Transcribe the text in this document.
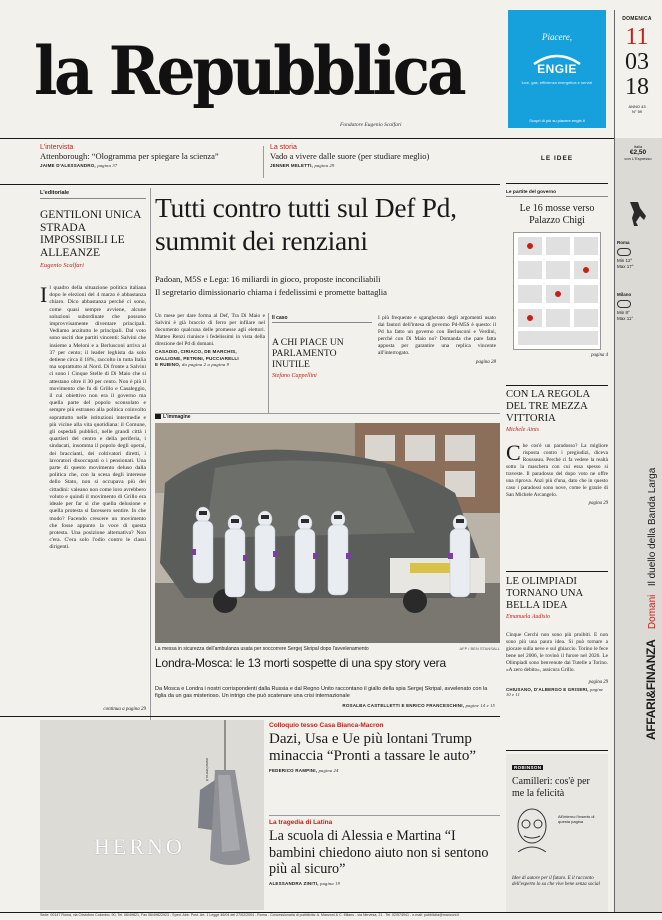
la Repubblica
Fondatore Eugenio Scalfari
Piacere,
ENGIE
luce, gas, efficienza energetica e servizi
Scopri di più su piacere.engie.it
DOMENICA
11
03
18
ANNO 43
N° 59
L'intervista
Attenborough: “Ologramma per spiegare la scienza”
JAIME D'ALESSANDRO, pagina 37
La storia
Vado a vivere dalle suore (per studiare meglio)
JENNER MELETTI, pagina 29
LE IDEE
L'editoriale
GENTILONI UNICA STRADA IMPOSSIBILI LE ALLEANZE
Eugenio Scalfari
I l quadro della situazione politica italiana dopo le elezioni del 4 marzo è abbastanza chiaro. Dico abbastanza perché ci sono, come quasi sempre avviene, alcune soluzioni subordinate che possono improvvisamente diventare principali. Vediamo anzitutto le principali. Dal voto sono usciti due partiti vincenti: Salvini che insieme a Meloni e a Berlusconi arriva al 37 per cento; il leader leghista da solo detiene circa il 18%, raccolto in tutta Italia ma soprattutto al Nord. Di fronte a Salvini ci sono i Cinque Stelle di Di Maio che si attestano oltre il 30 per cento. Non è più il movimento che fu di Grillo e Casaleggio, il cui obiettivo non era il governo ma quella parte del popolo sconsolato e sempre più estraneo alla politica coinvolto soprattutto nelle istituzioni intermedie e più vicine alla vita quotidiana: il Comune, gli ospedali pubblici, nelle grandi città i quartieri del centro e della periferia, i sindacati, insomma il popolo degli operai, dei braccianti, dei coltivatori diretti, i lavoratori disoccupati o i pensionati. Una parte di questo movimento deluso dalla politica che, con la scesa degli interesse dello Stato, non si occupava più dei cittadini: valeano non come loro avrebbero voluto e quindi il movimento di Grillo era ideale per far sì che quella delusione e quella protesta si facessero sentire. In che modo? Facendo crescere un movimento che fosse appunto la voce di questa protesta. Una posizione alternativa? Non c'era. C'era solo l'odio contro le classi dirigenti.
continua a pagina 29
Tutti contro tutti sul Def Pd, summit dei renziani
Padoan, M5S e Lega: 16 miliardi in gioco, proposte inconciliabili
Il segretario dimissionario chiama i fedelissimi e promette battaglia
Un mese per dare forma al Def, Tra Di Maio e Salvini è già braccio di ferro per infilare nel documento qualcuna delle promesse agli elettori. Matteo Renzi riunisce i fedelissimi in vista della direzione del Pd di domani.
CASADIO, CIRIACO, DE MARCHIS, GALLIONE, PETRINI, PUCCIARELLI
E RUBINO, da pagina 2 a pagina 9
Il caso
A CHI PIACE UN PARLAMENTO INUTILE
Stefano Cappellini
I più frequente e sgangherato degli argomenti usato dai fautori dell'intesa di governo Pd-M5S è questo: il Pd ha fatto un governo con Berlusconi e Verdini, perché con Di Maio no? Domanda che pare fatta apposta per garantire una replica vincente all'interrogato.
pagina 28
L'immagine
La messa in sicurezza dell'ambulanza usata per soccorrere Sergej Skripal dopo l'avvelenamento	AFP / BEN STANSALL
Londra-Mosca: le 13 morti sospette di una spy story vera
Da Mosca e Londra i nostri corrispondenti dalla Russia e dal Regno Unito raccontano il giallo della spia Sergej Skripal, avvelenato con la figlia da un gas misterioso. Un intrigo che può scatenare una crisi internazionale
ROSALBA CASTELLETTI E ENRICO FRANCESCHINI, pagine 14 e 15
HERNO
www.herno.it
Colloquio tesso Casa Bianca-Macron
Dazi, Usa e Ue più lontani Trump minaccia “Pronti a tassare le auto”
FEDERICO RAMPINI, pagina 24
La tragedia di Latina
La scuola di Alessia e Martina “I bambini chiedono aiuto non si sentono più al sicuro”
ALESSANDRA ZINITI, pagina 19
Le partite del governo
Le 16 mosse verso Palazzo Chigi
pagina 4
CON LA REGOLA DEL TRE MEZZA VITTORIA
Michele Ainis
C he cos'è un paradosso? La migliore risposta contro i pregiudizi, diceva Rousseau. Perché ci fa vedere la realtà sotto la maschera con cui essa spesso si traveste. Il paradosso del dopo voto ne offre una riprova. Anzi più d'una, dato che in questo caso i paradossi sono nove, come le grazie di San Michele Arcangelo.
pagina 29
LE OLIMPIADI TORNANO UNA BELLA IDEA
Emanuela Audisio
Cinque Cerchi non sono più proibiti. E non sono più una paura idea. Si può tornare a giocare sulla neve e sul ghiaccio. Torino le fece bene nel 2006, le rovinò il furore nel 2026. Le Olimpiadi sono benvenute dai Tutelle a Torino. «A zero debito», assicura Grillo.
pagina 29
CHIUSANO, D'ALBERGO E GRISERI, pagine 10 e 11
ROBINSON
Camilleri: cos'è per me la felicità
All'interno l'inserto di questa pagina
Idee di autore per il futuro. E il racconto dell'esperto lo sa che vive bene senza social
Italia
€2,50
con L'Espresso
Roma
Min 12°
Max 17°
Milano
Min 8°
Max 11°
AFFARI&FINANZA Domani Il duello della Banda Larga
Sede: 00147 Roma, via Cristoforo Colombo, 90, Tel. 06/49821, Fax 06/49822923 - Sped. Abb. Post. Art. 1 Legge 46/04 del 27/02/2004 - Roma - Concessionaria di pubblicità: A. Manzoni & C. Milano - via Nervesa, 21 - Tel. 02/574941 - e-mail: pubblicita@manzoni.it
